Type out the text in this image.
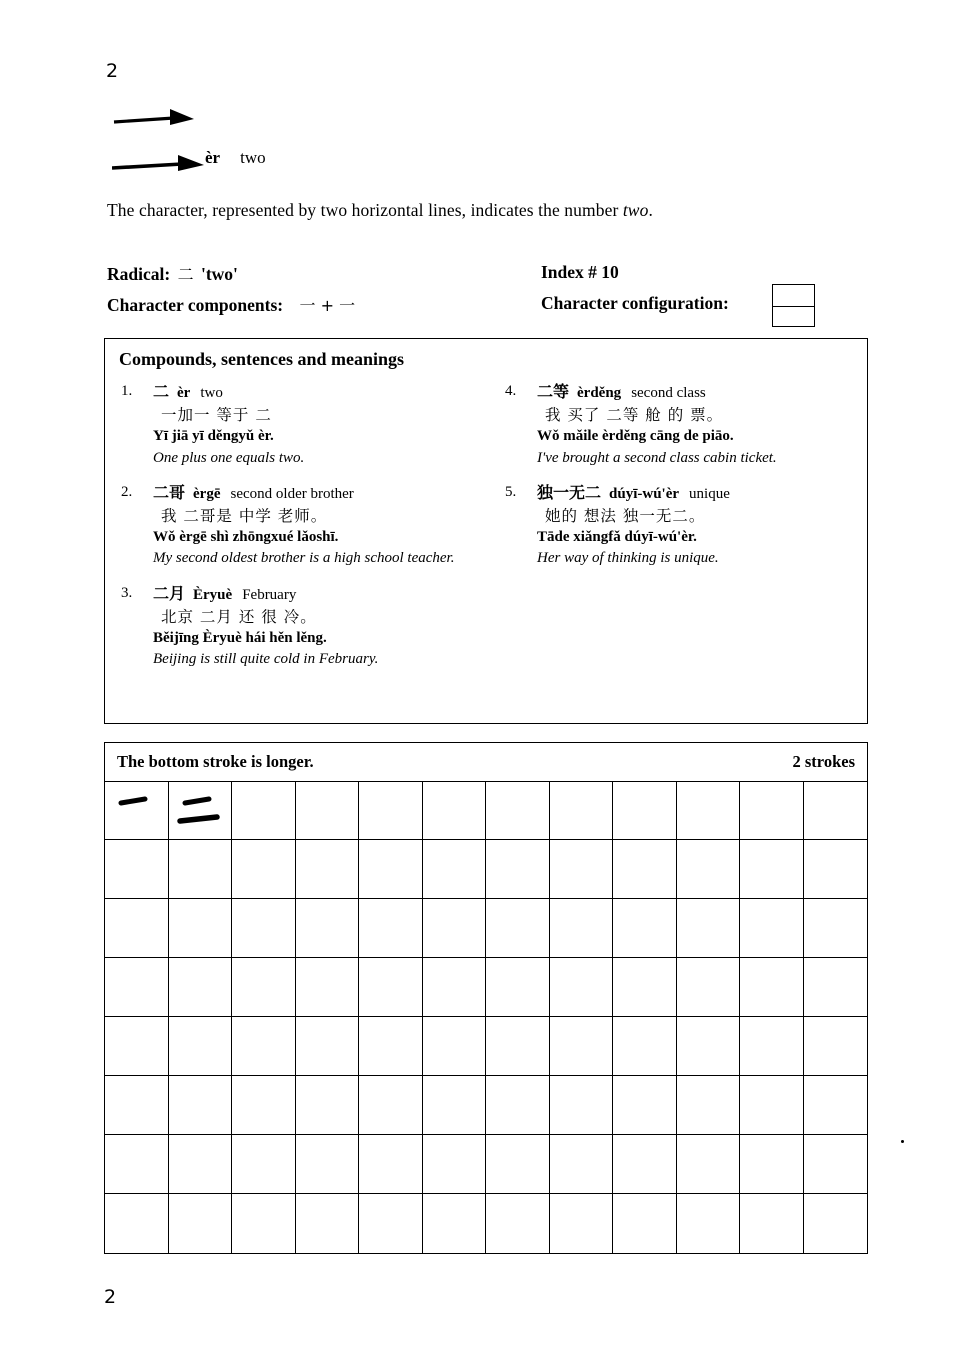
2
èr two
The character, represented by two horizontal lines, indicates the number two.
Radical: 二 'two'	Index # 10
Character components: 一 + 一	Character configuration:
Compounds, sentences and meanings
1. 二 èr two
一加一 等于 二
Yī jiā yī děngyǔ èr.
One plus one equals two.
2. 二哥 èrgē second older brother
我 二哥是 中学 老师。
Wǒ èrgē shì zhōngxué lǎoshī.
My second oldest brother is a high school teacher.
3. 二月 Èryuè February
北京 二月 还 很 冷。
Běijīng Èryuè hái hěn lěng.
Beijing is still quite cold in February.
4. 二等 èrděng second class
我 买了 二等 舱 的 票。
Wǒ mǎile èrděng cāng de piāo.
I've brought a second class cabin ticket.
5. 独一无二 dúyī-wú'èr unique
她的 想法 独一无二。
Tāde xiǎngfǎ dúyī-wú'èr.
Her way of thinking is unique.
The bottom stroke is longer.	2 strokes
2
